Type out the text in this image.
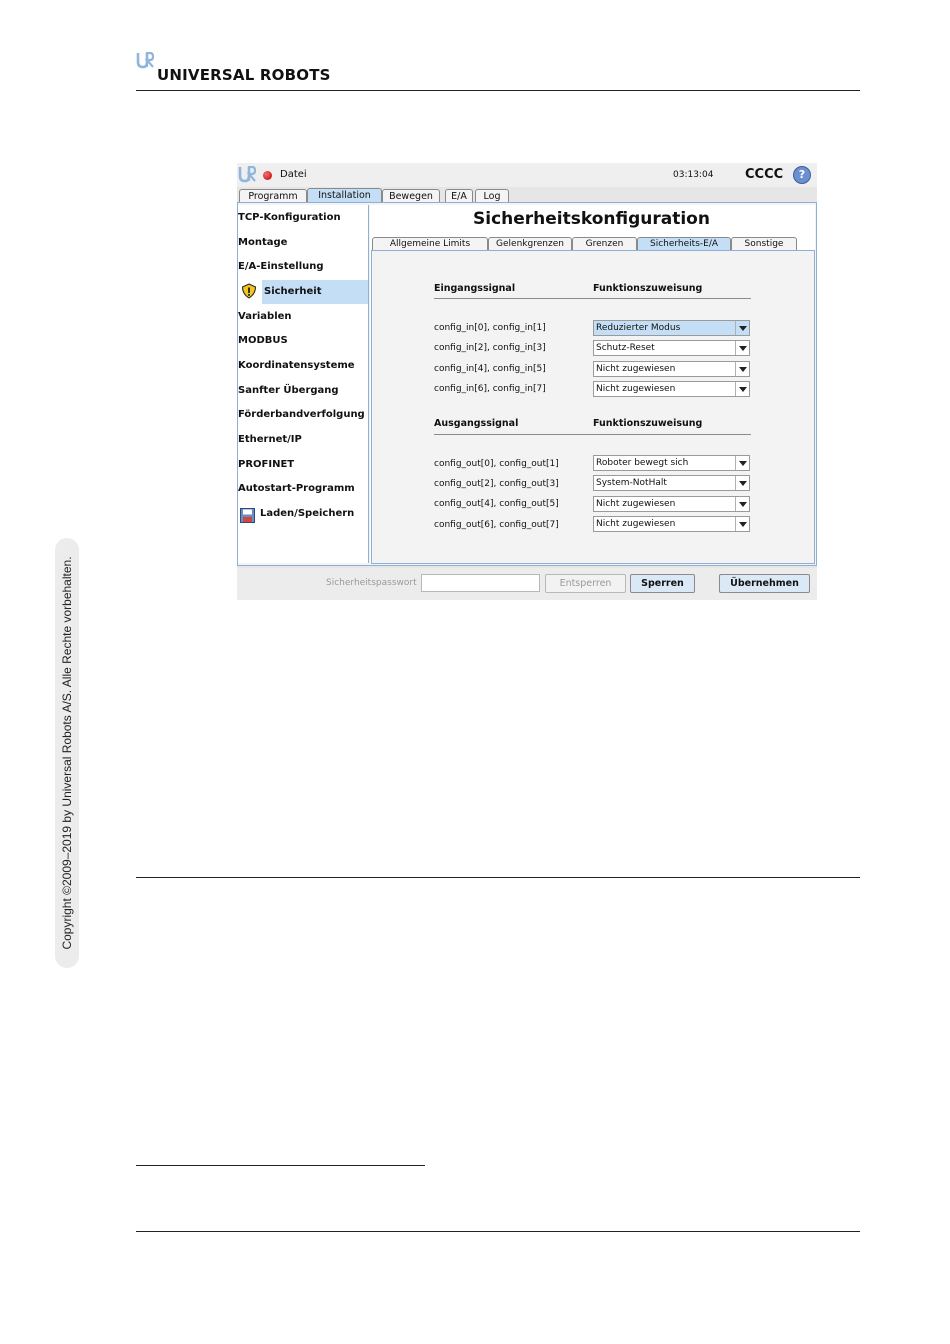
UNIVERSAL ROBOTS
Copyright ©2009–2019 by Universal Robots A/S. Alle Rechte vorbehalten.
Datei	03:13:04 CCCC	?
Programm	Installation	Bewegen	E/A	Log
TCP-Konfiguration
Montage
E/A-Einstellung
Sicherheit
Variablen
MODBUS
Koordinatensysteme
Sanfter Übergang
Förderbandverfolgung
Ethernet/IP
PROFINET
Autostart-Programm
Laden/Speichern
Sicherheitskonfiguration
Allgemeine Limits	Gelenkgrenzen	Grenzen	Sicherheits-E/A	Sonstige
Eingangssignal	Funktionszuweisung
config_in[0], config_in[1]	Reduzierter Modus
config_in[2], config_in[3]	Schutz-Reset
config_in[4], config_in[5]	Nicht zugewiesen
config_in[6], config_in[7]	Nicht zugewiesen
Ausgangssignal	Funktionszuweisung
config_out[0], config_out[1]	Roboter bewegt sich
config_out[2], config_out[3]	System-NotHalt
config_out[4], config_out[5]	Nicht zugewiesen
config_out[6], config_out[7]	Nicht zugewiesen
Sicherheitspasswort	Entsperren	Sperren	Übernehmen
